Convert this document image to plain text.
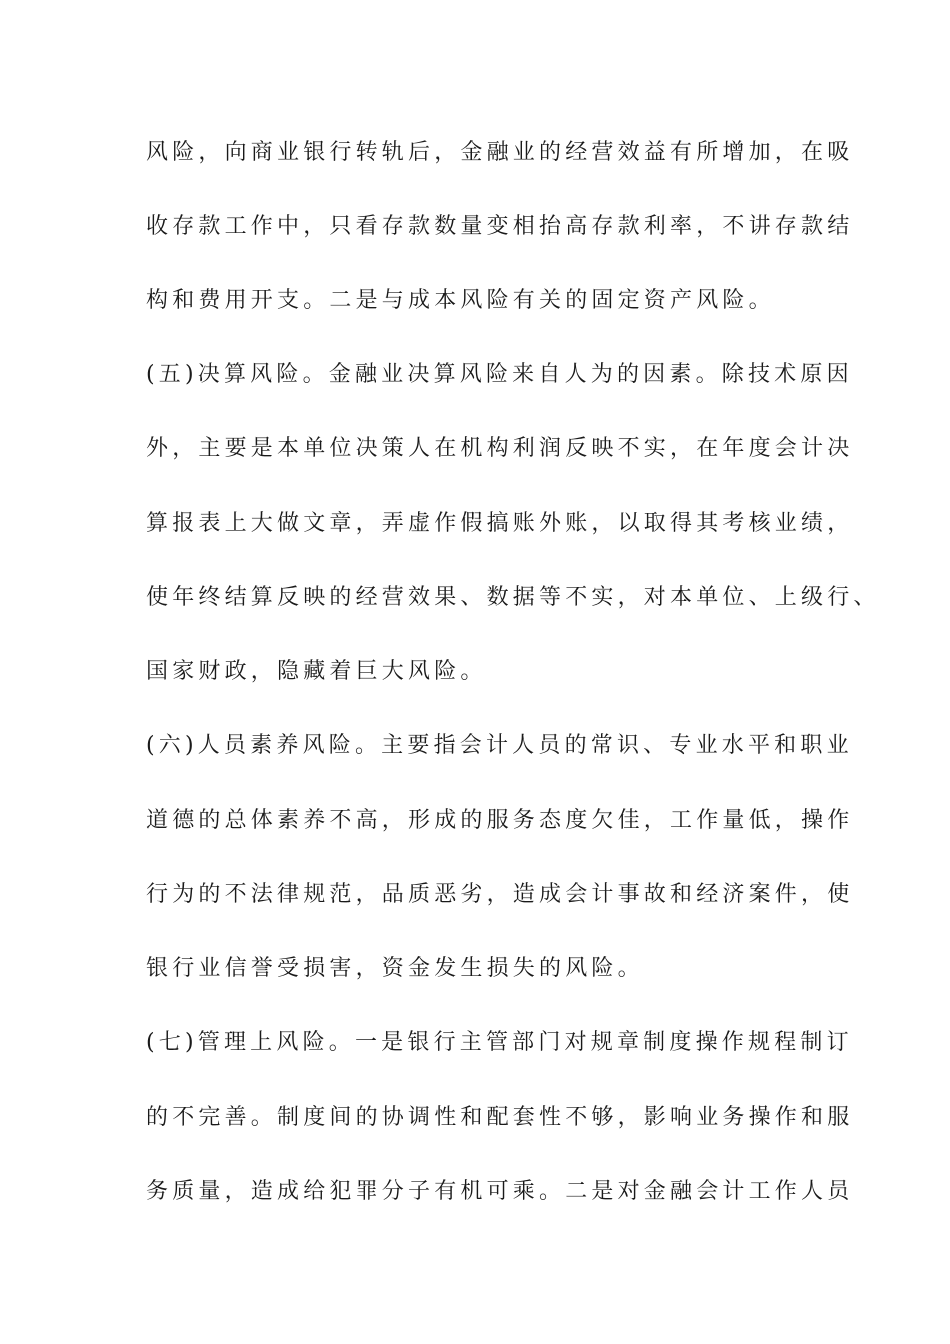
风险，向商业银行转轨后，金融业的经营效益有所增加，在吸
收存款工作中，只看存款数量变相抬高存款利率，不讲存款结
构和费用开支。二是与成本风险有关的固定资产风险。
(五)决算风险。金融业决算风险来自人为的因素。除技术原因
外，主要是本单位决策人在机构利润反映不实，在年度会计决
算报表上大做文章，弄虚作假搞账外账，以取得其考核业绩，
使年终结算反映的经营效果、数据等不实，对本单位、上级行、
国家财政，隐藏着巨大风险。
(六)人员素养风险。主要指会计人员的常识、专业水平和职业
道德的总体素养不高，形成的服务态度欠佳，工作量低，操作
行为的不法律规范，品质恶劣，造成会计事故和经济案件，使
银行业信誉受损害，资金发生损失的风险。
(七)管理上风险。一是银行主管部门对规章制度操作规程制订
的不完善。制度间的协调性和配套性不够，影响业务操作和服
务质量，造成给犯罪分子有机可乘。二是对金融会计工作人员
